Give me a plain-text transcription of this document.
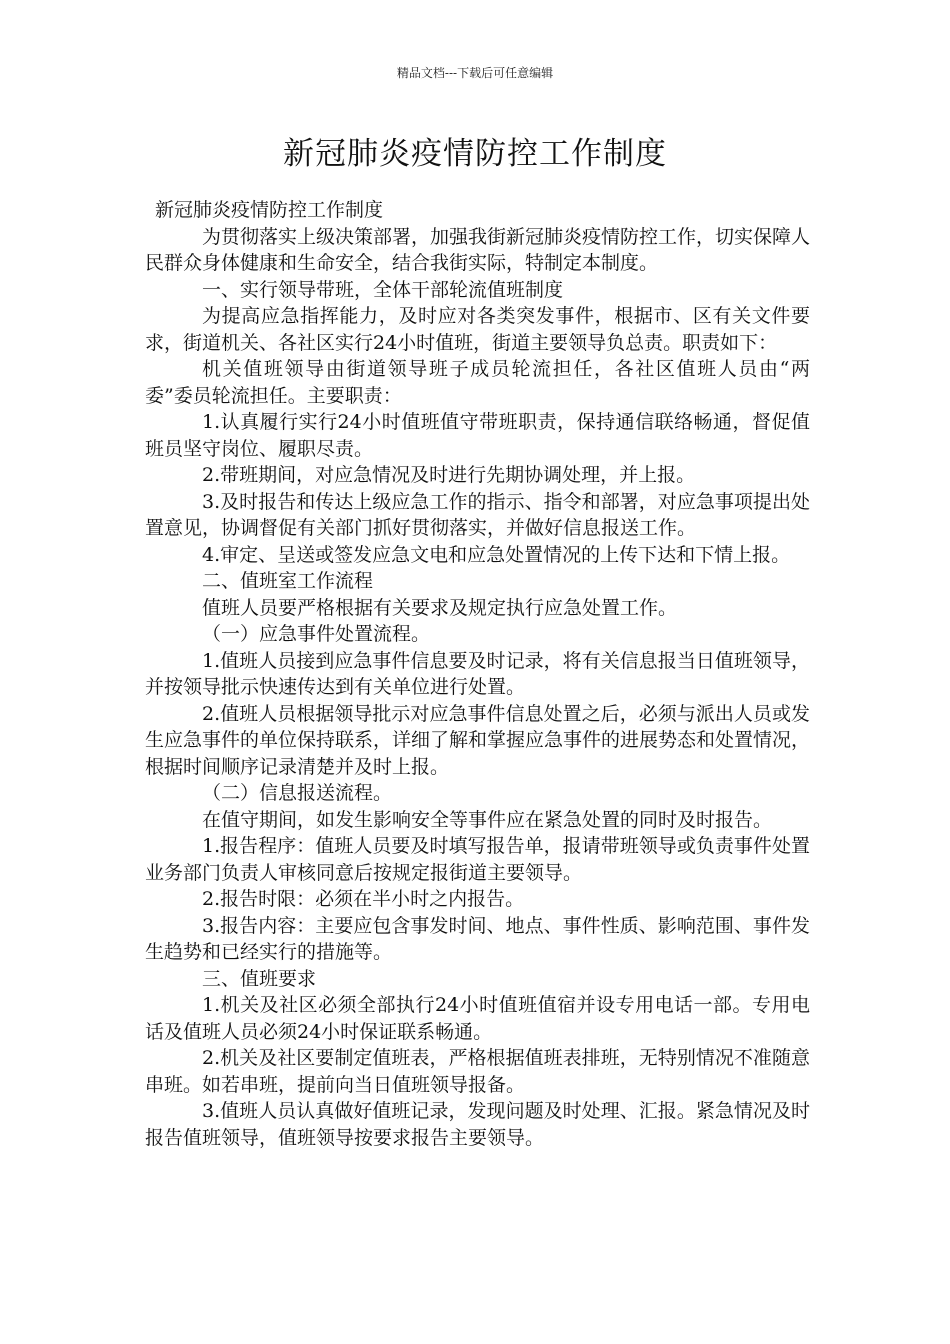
精品文档---下载后可任意编辑
新冠肺炎疫情防控工作制度

新冠肺炎疫情防控工作制度

为贯彻落实上级决策部署，加强我街新冠肺炎疫情防控工作，切实保障人民群众身体健康和生命安全，结合我街实际，特制定本制度。

一、实行领导带班，全体干部轮流值班制度

为提高应急指挥能力，及时应对各类突发事件，根据市、区有关文件要求，街道机关、各社区实行24小时值班，街道主要领导负总责。职责如下：

机关值班领导由街道领导班子成员轮流担任，各社区值班人员由“两委”委员轮流担任。主要职责：

1.认真履行实行24小时值班值守带班职责，保持通信联络畅通，督促值班员坚守岗位、履职尽责。

2.带班期间，对应急情况及时进行先期协调处理，并上报。

3.及时报告和传达上级应急工作的指示、指令和部署，对应急事项提出处置意见，协调督促有关部门抓好贯彻落实，并做好信息报送工作。

4.审定、呈送或签发应急文电和应急处置情况的上传下达和下情上报。

二、值班室工作流程

值班人员要严格根据有关要求及规定执行应急处置工作。

（一）应急事件处置流程。

1.值班人员接到应急事件信息要及时记录，将有关信息报当日值班领导，并按领导批示快速传达到有关单位进行处置。

2.值班人员根据领导批示对应急事件信息处置之后，必须与派出人员或发生应急事件的单位保持联系，详细了解和掌握应急事件的进展势态和处置情况，根据时间顺序记录清楚并及时上报。

（二）信息报送流程。

在值守期间，如发生影响安全等事件应在紧急处置的同时及时报告。

1.报告程序：值班人员要及时填写报告单，报请带班领导或负责事件处置业务部门负责人审核同意后按规定报街道主要领导。

2.报告时限：必须在半小时之内报告。

3.报告内容：主要应包含事发时间、地点、事件性质、影响范围、事件发生趋势和已经实行的措施等。

三、值班要求

1.机关及社区必须全部执行24小时值班值宿并设专用电话一部。专用电话及值班人员必须24小时保证联系畅通。

2.机关及社区要制定值班表，严格根据值班表排班，无特别情况不准随意串班。如若串班，提前向当日值班领导报备。

3.值班人员认真做好值班记录，发现问题及时处理、汇报。紧急情况及时报告值班领导，值班领导按要求报告主要领导。
